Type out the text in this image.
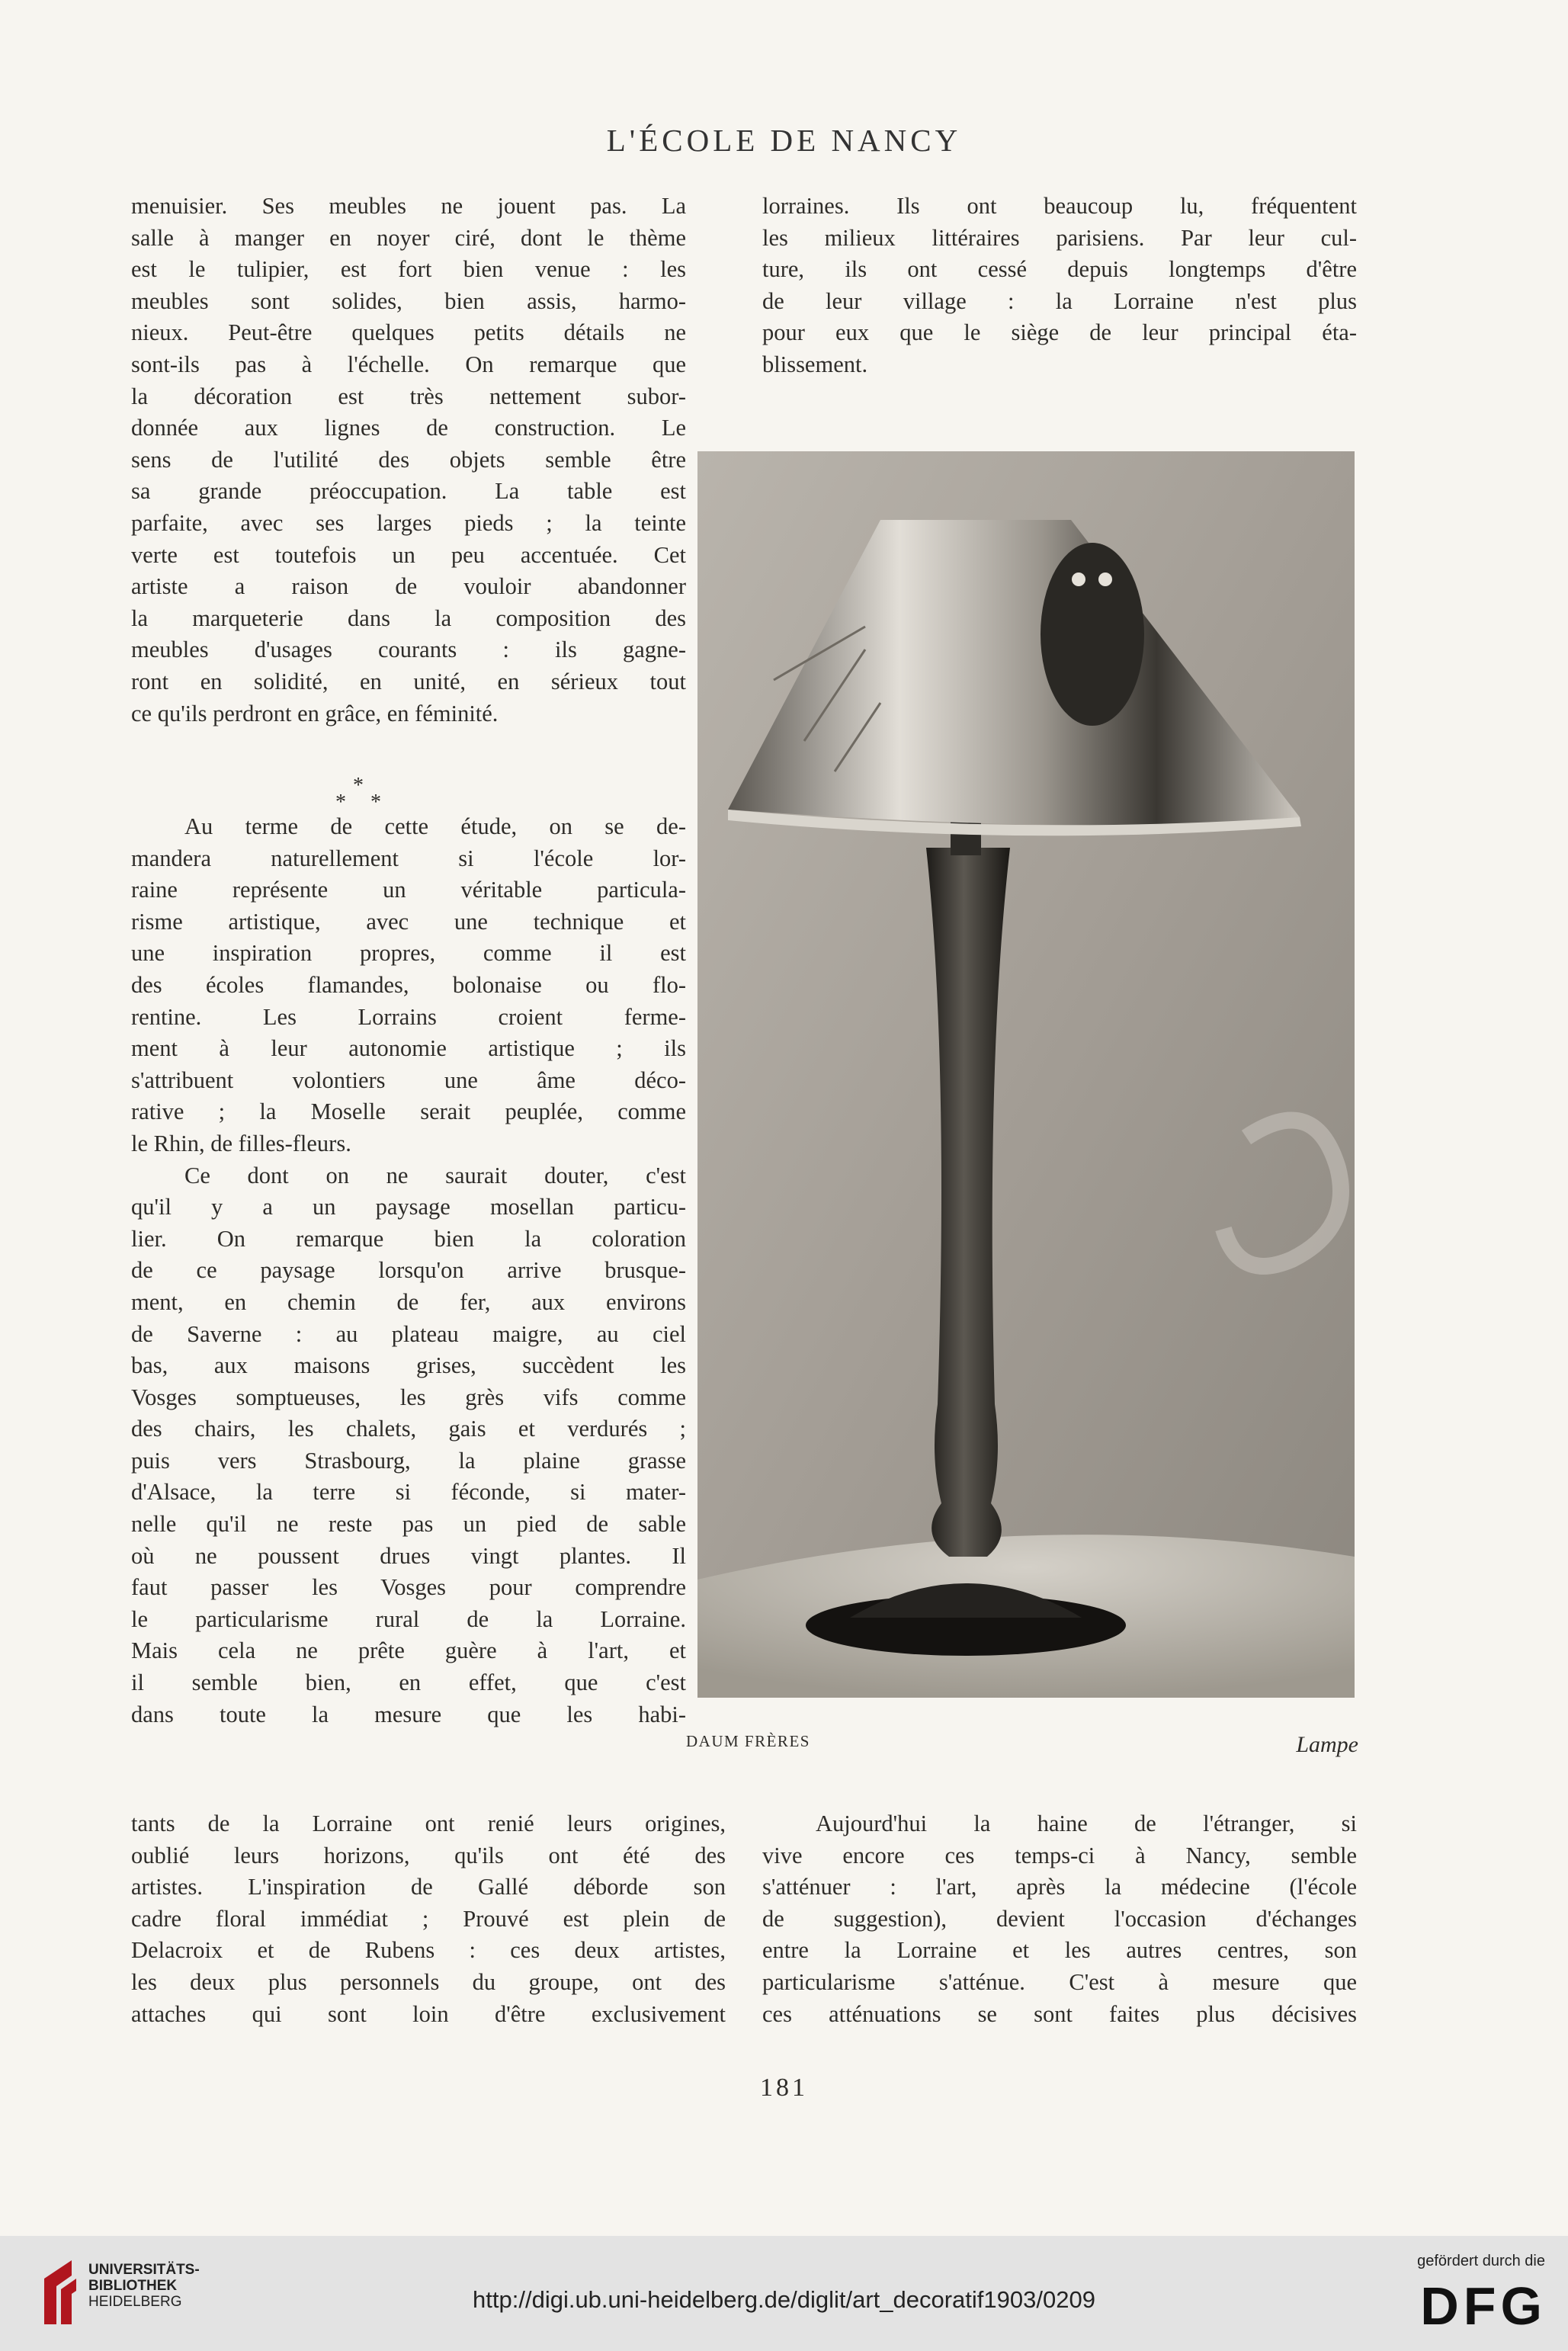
L'ÉCOLE DE NANCY
menuisier. Ses meubles ne jouent pas. La
salle à manger en noyer ciré, dont le thème
est le tulipier, est fort bien venue : les
meubles sont solides, bien assis, harmo-
nieux. Peut-être quelques petits détails ne
sont-ils pas à l'échelle. On remarque que
la décoration est très nettement subor-
donnée aux lignes de construction. Le
sens de l'utilité des objets semble être
sa grande préoccupation. La table est
parfaite, avec ses larges pieds ; la teinte
verte est toutefois un peu accentuée. Cet
artiste a raison de vouloir abandonner
la marqueterie dans la composition des
meubles d'usages courants : ils gagne-
ront en solidité, en unité, en sérieux tout
ce qu'ils perdront en grâce, en féminité.
*
* *
Au terme de cette étude, on se de-
mandera naturellement si l'école lor-
raine représente un véritable particula-
risme artistique, avec une technique et
une inspiration propres, comme il est
des écoles flamandes, bolonaise ou flo-
rentine. Les Lorrains croient ferme-
ment à leur autonomie artistique ; ils
s'attribuent volontiers une âme déco-
rative ; la Moselle serait peuplée, comme
le Rhin, de filles-fleurs.
Ce dont on ne saurait douter, c'est
qu'il y a un paysage mosellan particu-
lier. On remarque bien la coloration
de ce paysage lorsqu'on arrive brusque-
ment, en chemin de fer, aux environs
de Saverne : au plateau maigre, au ciel
bas, aux maisons grises, succèdent les
Vosges somptueuses, les grès vifs comme
des chairs, les chalets, gais et verdurés ;
puis vers Strasbourg, la plaine grasse
d'Alsace, la terre si féconde, si mater-
nelle qu'il ne reste pas un pied de sable
où ne poussent drues vingt plantes. Il
faut passer les Vosges pour comprendre
le particularisme rural de la Lorraine.
Mais cela ne prête guère à l'art, et
il semble bien, en effet, que c'est
dans toute la mesure que les habi-
tants de la Lorraine ont renié leurs origines,
oublié leurs horizons, qu'ils ont été des
artistes. L'inspiration de Gallé déborde son
cadre floral immédiat ; Prouvé est plein de
Delacroix et de Rubens : ces deux artistes,
les deux plus personnels du groupe, ont des
attaches qui sont loin d'être exclusivement
lorraines. Ils ont beaucoup lu, fréquentent
les milieux littéraires parisiens. Par leur cul-
ture, ils ont cessé depuis longtemps d'être
de leur village : la Lorraine n'est plus
pour eux que le siège de leur principal éta-
blissement.
DAUM FRÈRES	Lampe
Aujourd'hui la haine de l'étranger, si
vive encore ces temps-ci à Nancy, semble
s'atténuer : l'art, après la médecine (l'école
de suggestion), devient l'occasion d'échanges
entre la Lorraine et les autres centres, son
particularisme s'atténue. C'est à mesure que
ces atténuations se sont faites plus décisives
181
UNIVERSITÄTS-
BIBLIOTHEK
HEIDELBERG	http://digi.ub.uni-heidelberg.de/diglit/art_decoratif1903/0209
gefördert durch die
DFG
